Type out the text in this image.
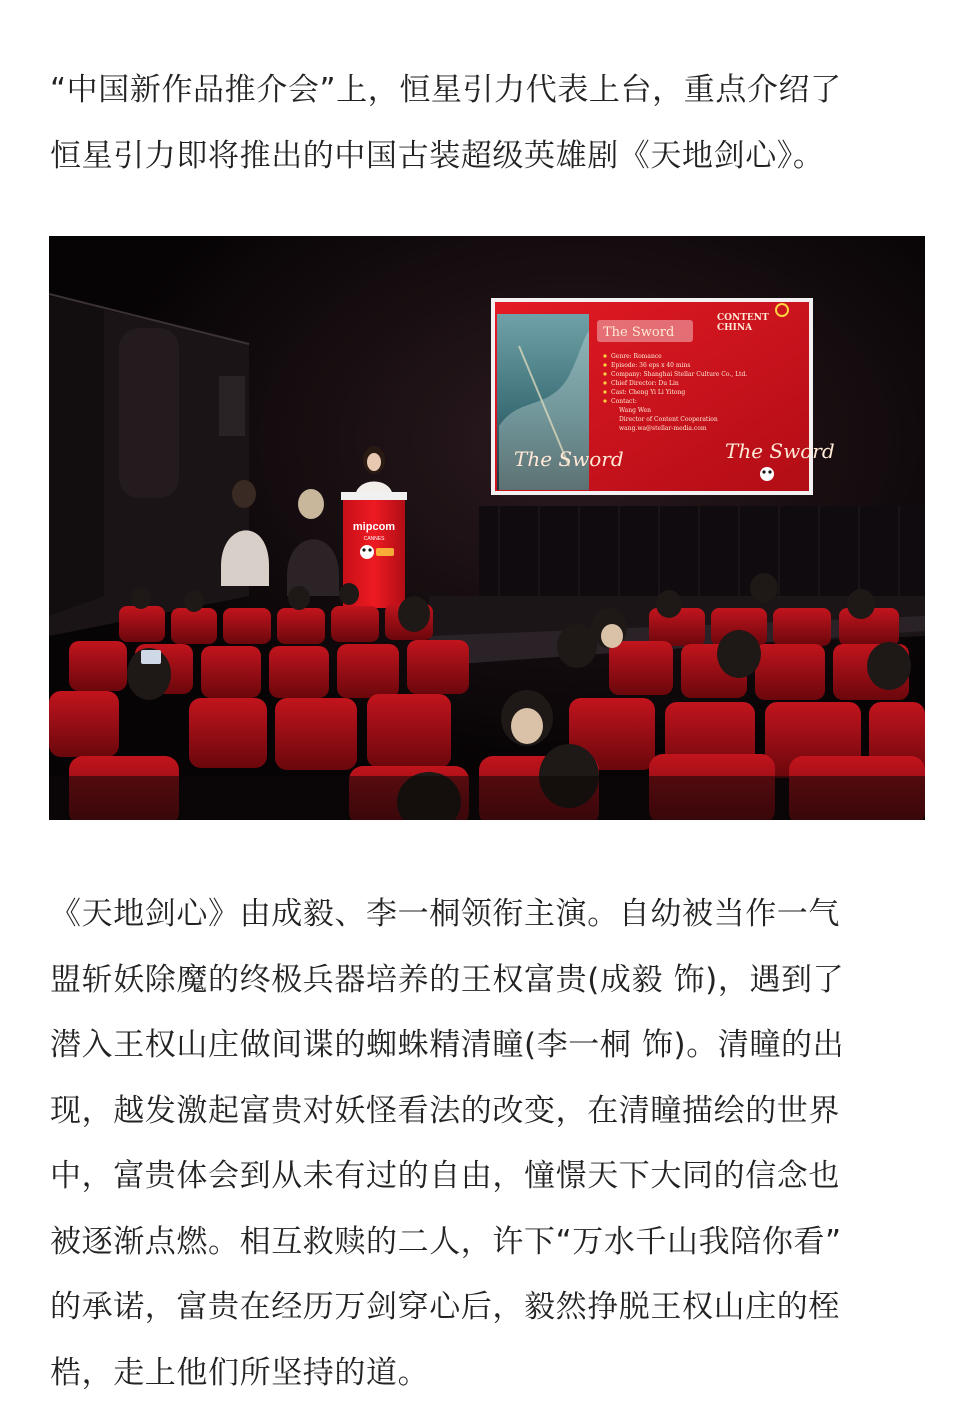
“中国新作品推介会”上，恒星引力代表上台，重点介绍了
恒星引力即将推出的中国古装超级英雄剧《天地剑心》。

The Sword
The Sword
CONTENT
CHINA
Genre: Romance
Episode: 36 eps x 40 mins
Company: Shanghai Stellar Culture Co., Ltd.
Chief Director: Du Lin
Cast: Cheng Yi Li Yitong
Contact:
Wang Wen
Director of Content Cooperation
wang.wa@stellar-media.com
The Sword
mipcom
CANNES

《天地剑心》由成毅、李一桐领衔主演。自幼被当作一气
盟斩妖除魔的终极兵器培养的王权富贵(成毅 饰)，遇到了
潜入王权山庄做间谍的蜘蛛精清瞳(李一桐 饰)。清瞳的出
现，越发激起富贵对妖怪看法的改变，在清瞳描绘的世界
中，富贵体会到从未有过的自由，憧憬天下大同的信念也
被逐渐点燃。相互救赎的二人，许下“万水千山我陪你看”
的承诺，富贵在经历万剑穿心后，毅然挣脱王权山庄的桎
梏，走上他们所坚持的道。
